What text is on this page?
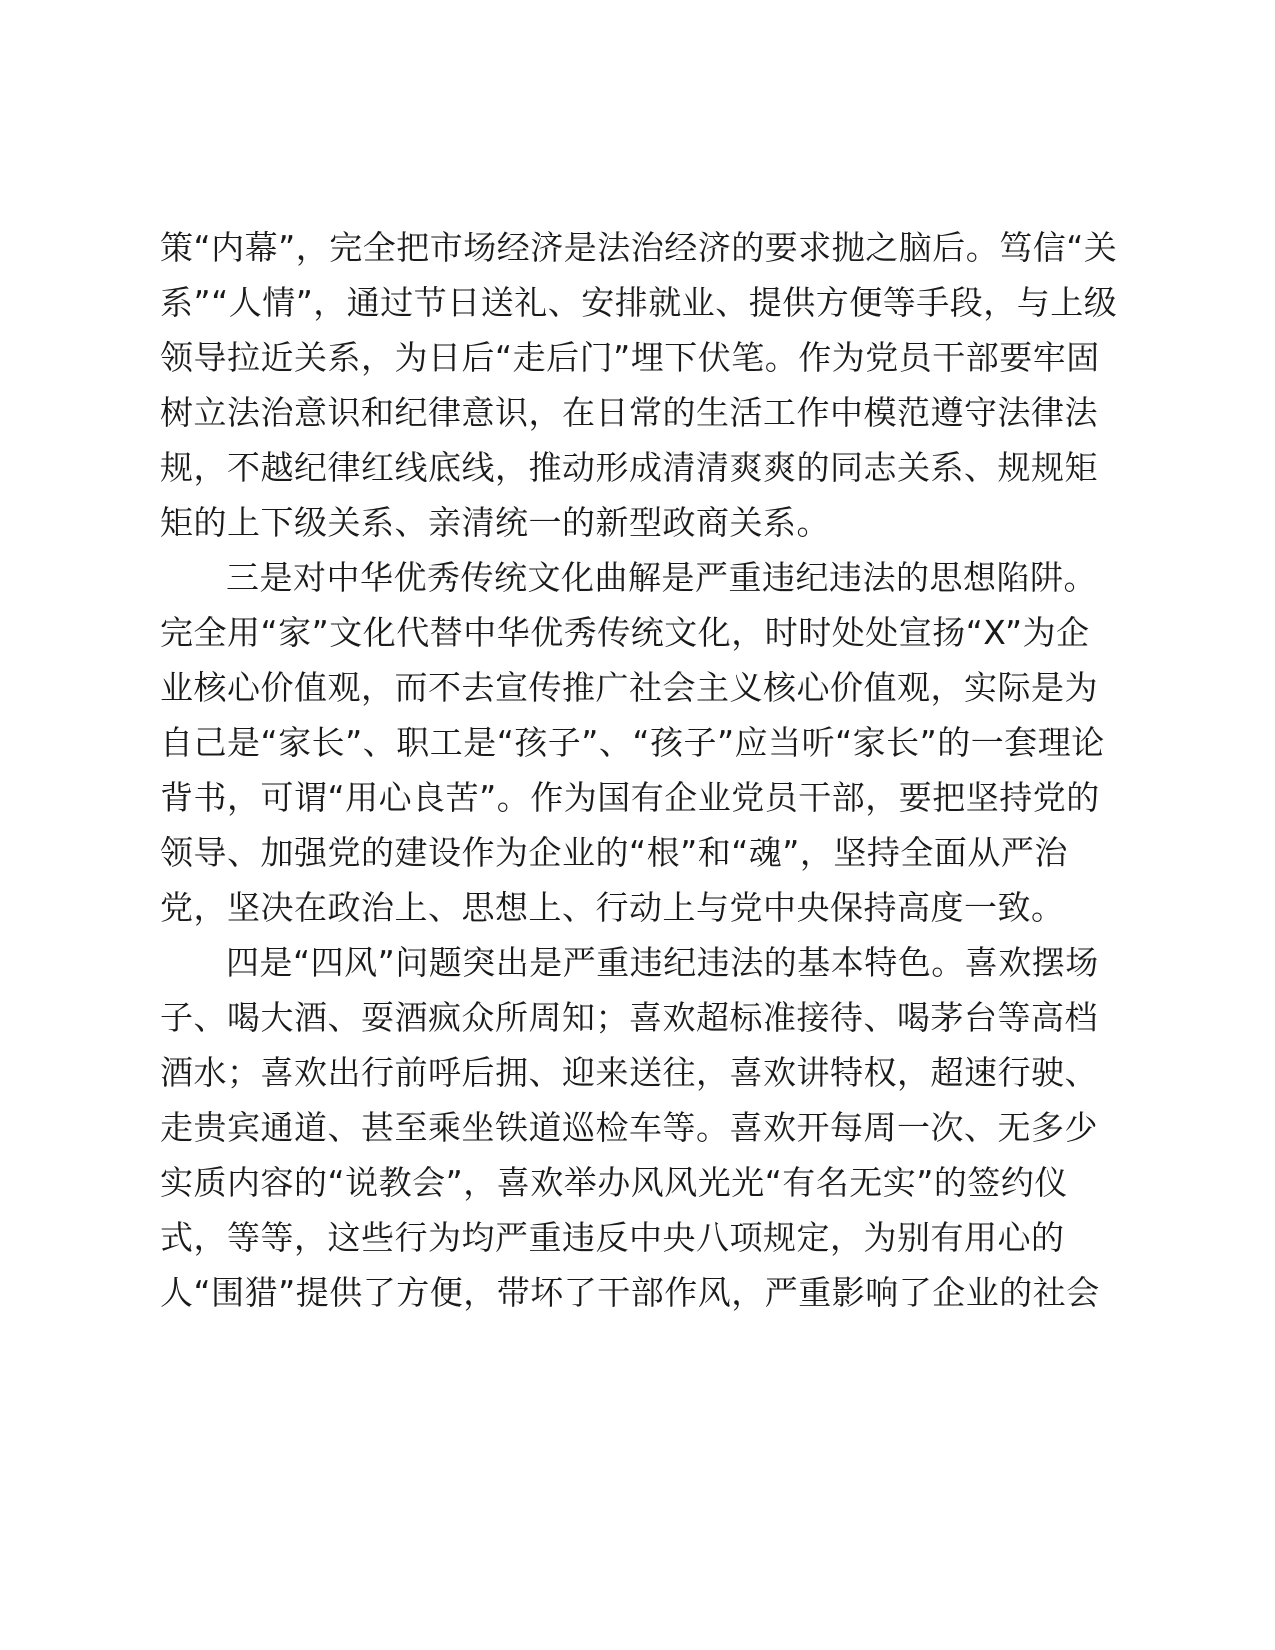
策“内幕”，完全把市场经济是法治经济的要求抛之脑后。笃信“关
系”“人情”，通过节日送礼、安排就业、提供方便等手段，与上级
领导拉近关系，为日后“走后门”埋下伏笔。作为党员干部要牢固
树立法治意识和纪律意识，在日常的生活工作中模范遵守法律法
规，不越纪律红线底线，推动形成清清爽爽的同志关系、规规矩
矩的上下级关系、亲清统一的新型政商关系。
三是对中华优秀传统文化曲解是严重违纪违法的思想陷阱。
完全用“家”文化代替中华优秀传统文化，时时处处宣扬“X”为企
业核心价值观，而不去宣传推广社会主义核心价值观，实际是为
自己是“家长”、职工是“孩子”、“孩子”应当听“家长”的一套理论
背书，可谓“用心良苦”。作为国有企业党员干部，要把坚持党的
领导、加强党的建设作为企业的“根”和“魂”，坚持全面从严治
党，坚决在政治上、思想上、行动上与党中央保持高度一致。
四是“四风”问题突出是严重违纪违法的基本特色。喜欢摆场
子、喝大酒、耍酒疯众所周知；喜欢超标准接待、喝茅台等高档
酒水；喜欢出行前呼后拥、迎来送往，喜欢讲特权，超速行驶、
走贵宾通道、甚至乘坐铁道巡检车等。喜欢开每周一次、无多少
实质内容的“说教会”，喜欢举办风风光光“有名无实”的签约仪
式，等等，这些行为均严重违反中央八项规定，为别有用心的
人“围猎”提供了方便，带坏了干部作风，严重影响了企业的社会
